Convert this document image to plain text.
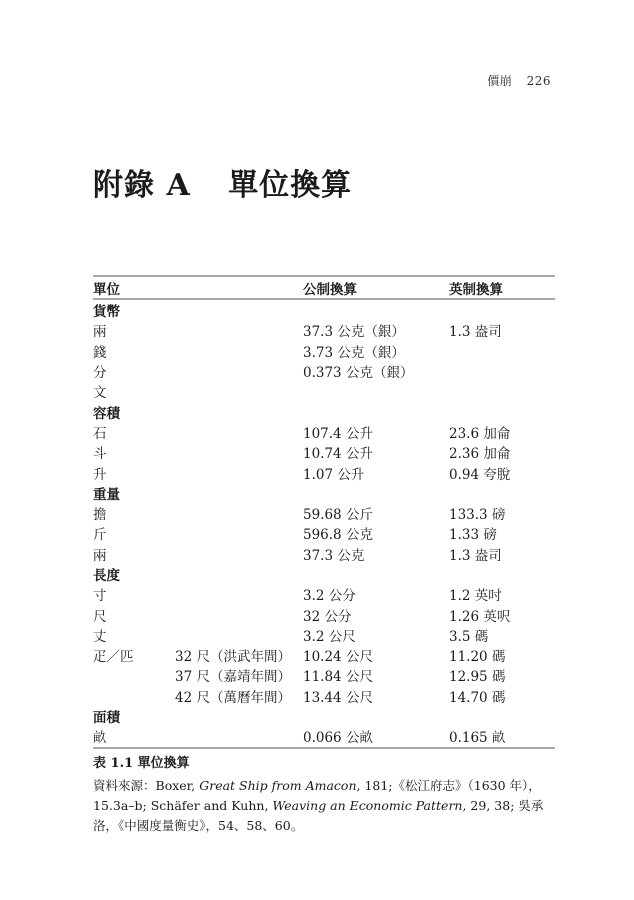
價崩 226
附錄 A 單位換算
單位		公制換算	英制換算
貨幣			
兩		37.3 公克（銀）	1.3 盎司
錢		3.73 公克（銀）	
分		0.373 公克（銀）	
文			
容積			
石		107.4 公升	23.6 加侖
斗		10.74 公升	2.36 加侖
升		1.07 公升	0.94 夸脫
重量			
擔		59.68 公斤	133.3 磅
斤		596.8 公克	1.33 磅
兩		37.3 公克	1.3 盎司
長度			
寸		3.2 公分	1.2 英吋
尺		32 公分	1.26 英呎
丈		3.2 公尺	3.5 碼
疋／匹	32 尺（洪武年間）	10.24 公尺	11.20 碼
	37 尺（嘉靖年間）	11.84 公尺	12.95 碼
	42 尺（萬曆年間）	13.44 公尺	14.70 碼
面積			
畝		0.066 公畝	0.165 畝
表 1.1 單位換算
資料來源：Boxer, Great Ship from Amacon, 181;《松江府志》（1630 年），15.3a–b; Schäfer and Kuhn, Weaving an Economic Pattern, 29, 38; 吳承洛，《中國度量衡史》，54、58、60。
